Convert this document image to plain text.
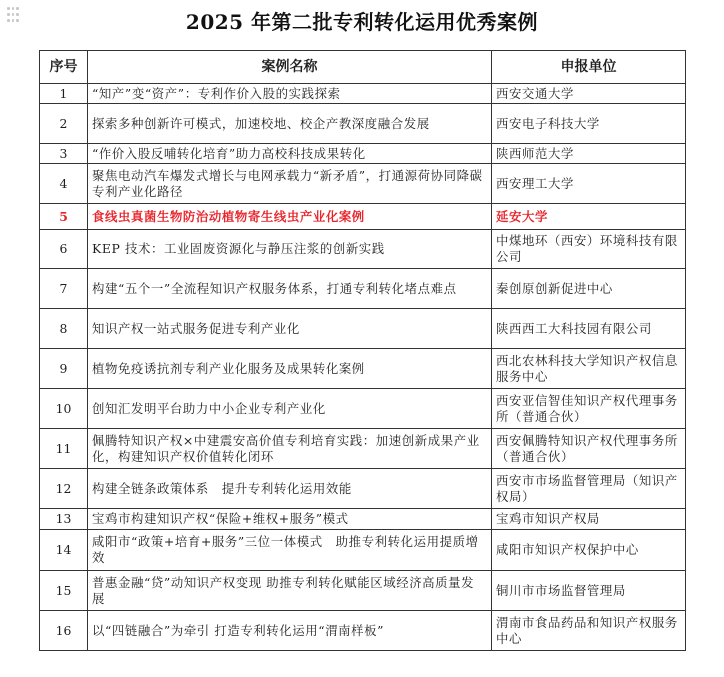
2025 年第二批专利转化运用优秀案例
序号	案例名称	申报单位
1	“知产”变“资产”：专利作价入股的实践探索	西安交通大学
2	探索多种创新许可模式，加速校地、校企产教深度融合发展	西安电子科技大学
3	“作价入股反哺转化培育”助力高校科技成果转化	陕西师范大学
4	聚焦电动汽车爆发式增长与电网承载力“新矛盾”，打通源荷协同降碳专利产业化路径	西安理工大学
5	食线虫真菌生物防治动植物寄生线虫产业化案例	延安大学
6	KEP 技术：工业固废资源化与静压注浆的创新实践	中煤地环（西安）环境科技有限公司
7	构建“五个一”全流程知识产权服务体系，打通专利转化堵点难点	秦创原创新促进中心
8	知识产权一站式服务促进专利产业化	陕西西工大科技园有限公司
9	植物免疫诱抗剂专利产业化服务及成果转化案例	西北农林科技大学知识产权信息服务中心
10	创知汇发明平台助力中小企业专利产业化	西安亚信智佳知识产权代理事务所（普通合伙）
11	佩腾特知识产权×中建震安高价值专利培育实践：加速创新成果产业化，构建知识产权价值转化闭环	西安佩腾特知识产权代理事务所（普通合伙）
12	构建全链条政策体系　提升专利转化运用效能	西安市市场监督管理局（知识产权局）
13	宝鸡市构建知识产权“保险+维权+服务”模式	宝鸡市知识产权局
14	咸阳市“政策+培育+服务”三位一体模式　助推专利转化运用提质增效	咸阳市知识产权保护中心
15	普惠金融“贷”动知识产权变现 助推专利转化赋能区域经济高质量发展	铜川市市场监督管理局
16	以“四链融合”为牵引 打造专利转化运用“渭南样板”	渭南市食品药品和知识产权服务中心
